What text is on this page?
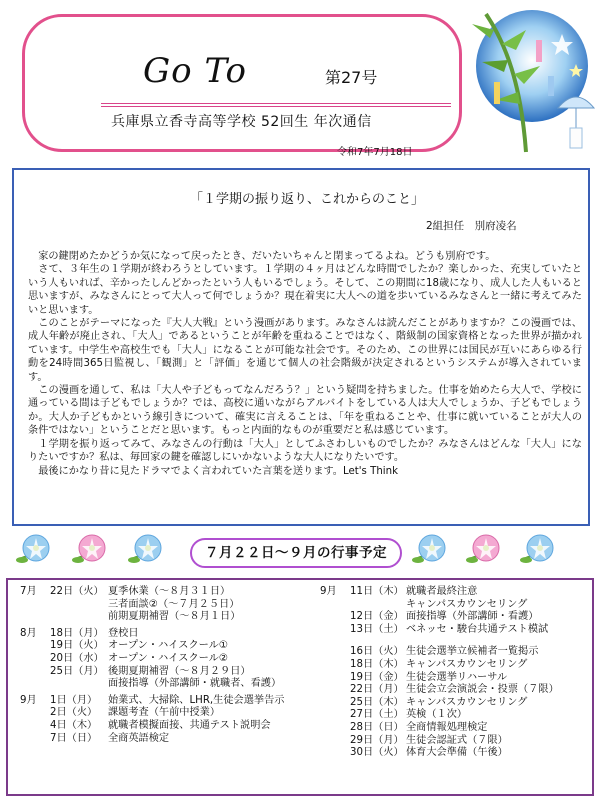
Go To	第27号
兵庫県立香寺高等学校 52回生 年次通信
令和7年7月18日
「１学期の振り返り、これからのこと」
2組担任　別府凌名

家の鍵閉めたかどうか気になって戻ったとき、だいたいちゃんと閉まってるよね。どうも別府です。

さて、３年生の１学期が終わろうとしています。１学期の４ヶ月はどんな時間でしたか？楽しかった、充実していたという人もいれば、辛かったしんどかったという人もいるでしょう。そして、この期間に18歳になり、成人した人もいると思いますが、みなさんにとって大人って何でしょうか？現在着実に大人への道を歩いているみなさんと一緒に考えてみたいと思います。

このことがテーマになった『大人大戦』という漫画があります。みなさんは読んだことがありますか？この漫画では、成人年齢が廃止され、「大人」であるということが年齢を重ねることではなく、階級制の国家資格となった世界が描かれています。中学生や高校生でも「大人」になることが可能な社会です。そのため、この世界には国民が互いにあらゆる行動を24時間365日監視し、「観測」と「評価」を通じて個人の社会階級が決定されるというシステムが導入されています。

この漫画を通して、私は「大人や子どもってなんだろう？」という疑問を持ちました。仕事を始めたら大人で、学校に通っている間は子どもでしょうか？では、高校に通いながらアルバイトをしている人は大人でしょうか、子どもでしょうか。大人か子どもかという線引きについて、確実に言えることは、「年を重ねることや、仕事に就いていることが大人の条件ではない」ということだと思います。もっと内面的なものが重要だと私は感じています。

１学期を振り返ってみて、みなさんの行動は「大人」としてふさわしいものでしたか？みなさんはどんな「大人」になりたいですか？私は、毎回家の鍵を確認しにいかないような大人になりたいです。

最後にかなり昔に見たドラマでよく言われていた言葉を送ります。Let's Think

７月２２日～９月の行事予定
7月	22日（火） 夏季休業（～８月３１日）
三者面談②（～７月２５日）
前期夏期補習（～８月１日）
8月	18日（月） 登校日
19日（火） オープン・ハイスクール①
20日（水） オープン・ハイスクール②
25日（月） 後期夏期補習（～８月２９日）
面接指導（外部講師・就職者、看護）
9月	1日（月）	始業式、大掃除、LHR,生徒会選挙告示
2日（火）	課題考査（午前中授業）
4日（木）	就職者模擬面接、共通テスト説明会
7日（日）	全商英語検定
9月	11日（木） 就職者最終注意
キャンパスカウンセリング
12日（金） 面接指導（外部講師・看護）
13日（土） ベネッセ・駿台共通テスト模試
16日（火） 生徒会選挙立候補者一覧掲示
18日（木） キャンパスカウンセリング
19日（金） 生徒会選挙リハーサル
22日（月） 生徒会立会演説会・投票（７限）
25日（木） キャンパスカウンセリング
27日（土） 英検（１次）
28日（日） 全商情報処理検定
29日（月） 生徒会認証式（７限）
30日（火） 体育大会準備（午後）
